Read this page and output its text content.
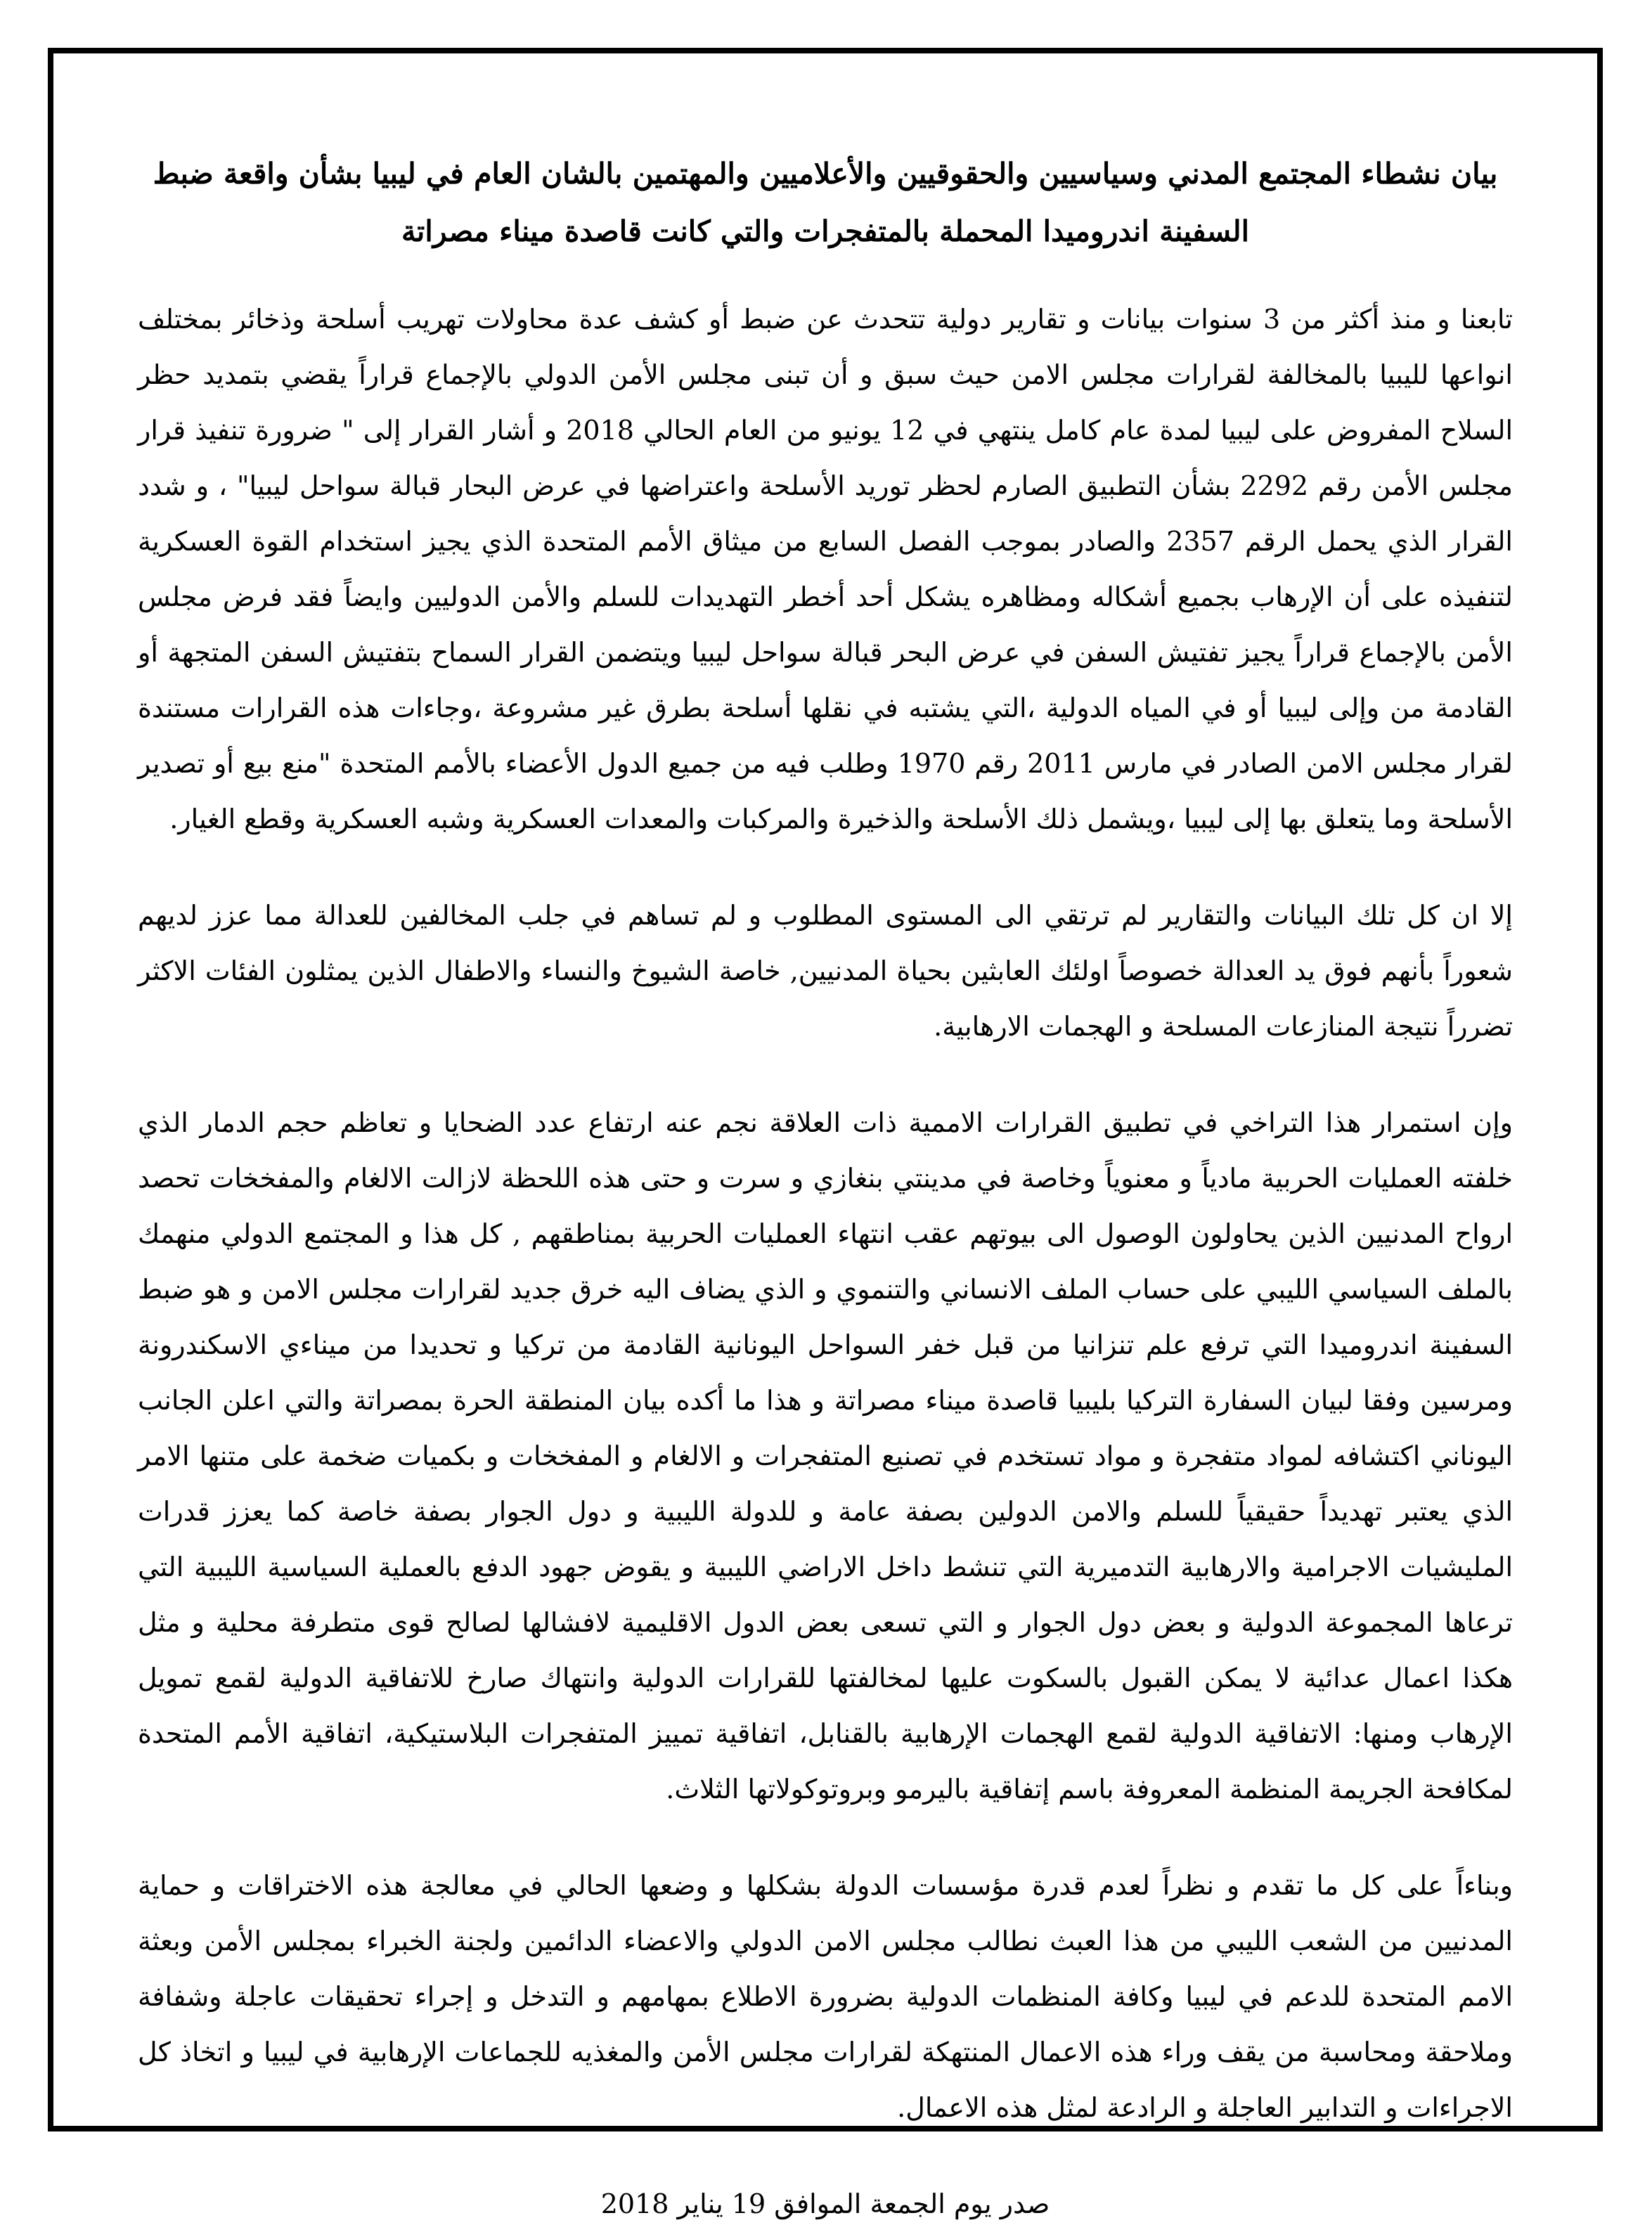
بيان نشطاء المجتمع المدني وسياسيين والحقوقيين والأعلاميين والمهتمين بالشان العام في ليبيا بشأن واقعة ضبط السفينة اندروميدا المحملة بالمتفجرات والتي كانت قاصدة ميناء مصراتة

تابعنا و منذ أكثر من 3 سنوات بيانات و تقارير دولية تتحدث عن ضبط أو كشف عدة محاولات تهريب أسلحة وذخائر بمختلف انواعها لليبيا بالمخالفة لقرارات مجلس الامن حيث سبق و أن تبنى مجلس الأمن الدولي بالإجماع قراراً يقضي بتمديد حظر السلاح المفروض على ليبيا لمدة عام كامل ينتهي في 12 يونيو من العام الحالي 2018 و أشار القرار إلى " ضرورة تنفيذ قرار مجلس الأمن رقم 2292 بشأن التطبيق الصارم لحظر توريد الأسلحة واعتراضها في عرض البحار قبالة سواحل ليبيا" ، و شدد القرار الذي يحمل الرقم 2357 والصادر بموجب الفصل السابع من ميثاق الأمم المتحدة الذي يجيز استخدام القوة العسكرية لتنفيذه على أن الإرهاب بجميع أشكاله ومظاهره يشكل أحد أخطر التهديدات للسلم والأمن الدوليين وايضاً فقد فرض مجلس الأمن بالإجماع قراراً يجيز تفتيش السفن في عرض البحر قبالة سواحل ليبيا ويتضمن القرار السماح بتفتيش السفن المتجهة أو القادمة من وإلى ليبيا أو في المياه الدولية ،التي يشتبه في نقلها أسلحة بطرق غير مشروعة ،وجاءات هذه القرارات مستندة لقرار مجلس الامن الصادر في مارس 2011 رقم 1970 وطلب فيه من جميع الدول الأعضاء بالأمم المتحدة "منع بيع أو تصدير الأسلحة وما يتعلق بها إلى ليبيا ،ويشمل ذلك الأسلحة والذخيرة والمركبات والمعدات العسكرية وشبه العسكرية وقطع الغيار.

إلا ان كل تلك البيانات والتقارير لم ترتقي الى المستوى المطلوب و لم تساهم في جلب المخالفين للعدالة مما عزز لديهم شعوراً بأنهم فوق يد العدالة خصوصاً اولئك العابثين بحياة المدنيين, خاصة الشيوخ والنساء والاطفال الذين يمثلون الفئات الاكثر تضرراً نتيجة المنازعات المسلحة و الهجمات الارهابية.

وإن استمرار هذا التراخي في تطبيق القرارات الاممية ذات العلاقة نجم عنه ارتفاع عدد الضحايا و تعاظم حجم الدمار الذي خلفته العمليات الحربية مادياً و معنوياً وخاصة في مدينتي بنغازي و سرت و حتى هذه اللحظة لازالت الالغام والمفخخات تحصد ارواح المدنيين الذين يحاولون الوصول الى بيوتهم عقب انتهاء العمليات الحربية بمناطقهم , كل هذا و المجتمع الدولي منهمك بالملف السياسي الليبي على حساب الملف الانساني والتنموي و الذي يضاف اليه خرق جديد لقرارات مجلس الامن و هو ضبط السفينة اندروميدا التي ترفع علم تنزانيا من قبل خفر السواحل اليونانية القادمة من تركيا و تحديدا من ميناءي الاسكندرونة ومرسين وفقا لبيان السفارة التركيا بليبيا قاصدة ميناء مصراتة و هذا ما أكده بيان المنطقة الحرة بمصراتة والتي اعلن الجانب اليوناني اكتشافه لمواد متفجرة و مواد تستخدم في تصنيع المتفجرات و الالغام و المفخخات و بكميات ضخمة على متنها الامر الذي يعتبر تهديداً حقيقياً للسلم والامن الدولين بصفة عامة و للدولة الليبية و دول الجوار بصفة خاصة كما يعزز قدرات المليشيات الاجرامية والارهابية التدميرية التي تنشط داخل الاراضي الليبية و يقوض جهود الدفع بالعملية السياسية الليبية التي ترعاها المجموعة الدولية و بعض دول الجوار و التي تسعى بعض الدول الاقليمية لافشالها لصالح قوى متطرفة محلية و مثل هكذا اعمال عدائية لا يمكن القبول بالسكوت عليها لمخالفتها للقرارات الدولية وانتهاك صارخ للاتفاقية الدولية لقمع تمويل الإرهاب ومنها: الاتفاقية الدولية لقمع الهجمات الإرهابية بالقنابل، اتفاقية تمييز المتفجرات البلاستيكية، اتفاقية الأمم المتحدة لمكافحة الجريمة المنظمة المعروفة باسم إتفاقية باليرمو وبروتوكولاتها الثلاث.

وبناءاً على كل ما تقدم و نظراً لعدم قدرة مؤسسات الدولة بشكلها و وضعها الحالي في معالجة هذه الاختراقات و حماية المدنيين من الشعب الليبي من هذا العبث نطالب مجلس الامن الدولي والاعضاء الدائمين ولجنة الخبراء بمجلس الأمن وبعثة الامم المتحدة للدعم في ليبيا وكافة المنظمات الدولية بضرورة الاطلاع بمهامهم و التدخل و إجراء تحقيقات عاجلة وشفافة وملاحقة ومحاسبة من يقف وراء هذه الاعمال المنتهكة لقرارات مجلس الأمن والمغذيه للجماعات الإرهابية في ليبيا و اتخاذ كل الاجراءات و التدابير العاجلة و الرادعة لمثل هذه الاعمال.

صدر يوم الجمعة الموافق 19 يناير 2018
